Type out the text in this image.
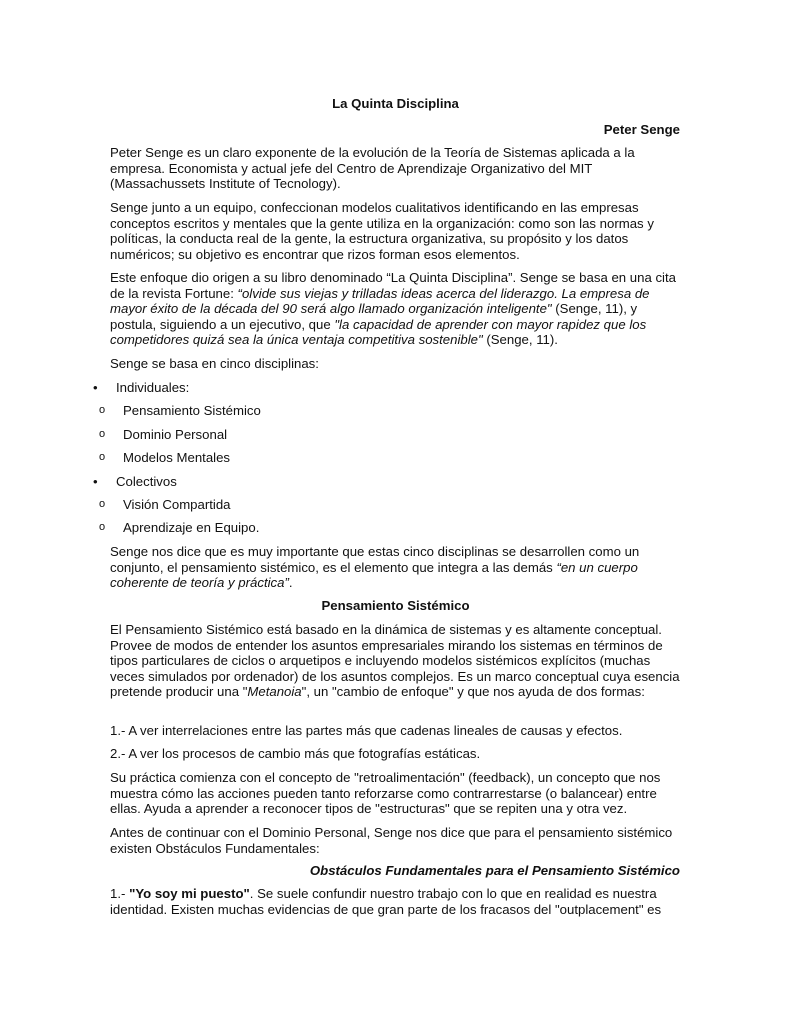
La Quinta Disciplina
Peter Senge

Peter Senge es un claro exponente de la evolución de la Teoría de Sistemas aplicada a la empresa. Economista y actual jefe del Centro de Aprendizaje Organizativo del MIT (Massachussets Institute of Tecnology).

Senge junto a un equipo, confeccionan modelos cualitativos identificando en las empresas conceptos escritos y mentales que la gente utiliza en la organización: como son las normas y políticas, la conducta real de la gente, la estructura organizativa, su propósito y los datos numéricos; su objetivo es encontrar que rizos forman esos elementos.

Este enfoque dio origen a su libro denominado “La Quinta Disciplina”. Senge se basa en una cita de la revista Fortune: “olvide sus viejas y trilladas ideas acerca del liderazgo. La empresa de mayor éxito de la década del 90 será algo llamado organización inteligente" (Senge, 11), y postula, siguiendo a un ejecutivo, que "la capacidad de aprender con mayor rapidez que los competidores quizá sea la única ventaja competitiva sostenible" (Senge, 11).

Senge se basa en cinco disciplinas:

• Individuales:
o Pensamiento Sistémico
o Dominio Personal
o Modelos Mentales
• Colectivos
o Visión Compartida
o Aprendizaje en Equipo.

Senge nos dice que es muy importante que estas cinco disciplinas se desarrollen como un conjunto, el pensamiento sistémico, es el elemento que integra a las demás “en un cuerpo coherente de teoría y práctica”.

Pensamiento Sistémico

El Pensamiento Sistémico está basado en la dinámica de sistemas y es altamente conceptual. Provee de modos de entender los asuntos empresariales mirando los sistemas en términos de tipos particulares de ciclos o arquetipos e incluyendo modelos sistémicos explícitos (muchas veces simulados por ordenador) de los asuntos complejos. Es un marco conceptual cuya esencia pretende producir una "Metanoia", un "cambio de enfoque" y que nos ayuda de dos formas:

1.- A ver interrelaciones entre las partes más que cadenas lineales de causas y efectos.

2.- A ver los procesos de cambio más que fotografías estáticas.

Su práctica comienza con el concepto de "retroalimentación" (feedback), un concepto que nos muestra cómo las acciones pueden tanto reforzarse como contrarrestarse (o balancear) entre ellas. Ayuda a aprender a reconocer tipos de "estructuras" que se repiten una y otra vez.

Antes de continuar con el Dominio Personal, Senge nos dice que para el pensamiento sistémico existen Obstáculos Fundamentales:

Obstáculos Fundamentales para el Pensamiento Sistémico

1.- "Yo soy mi puesto". Se suele confundir nuestro trabajo con lo que en realidad es nuestra identidad. Existen muchas evidencias de que gran parte de los fracasos del "outplacement" es
